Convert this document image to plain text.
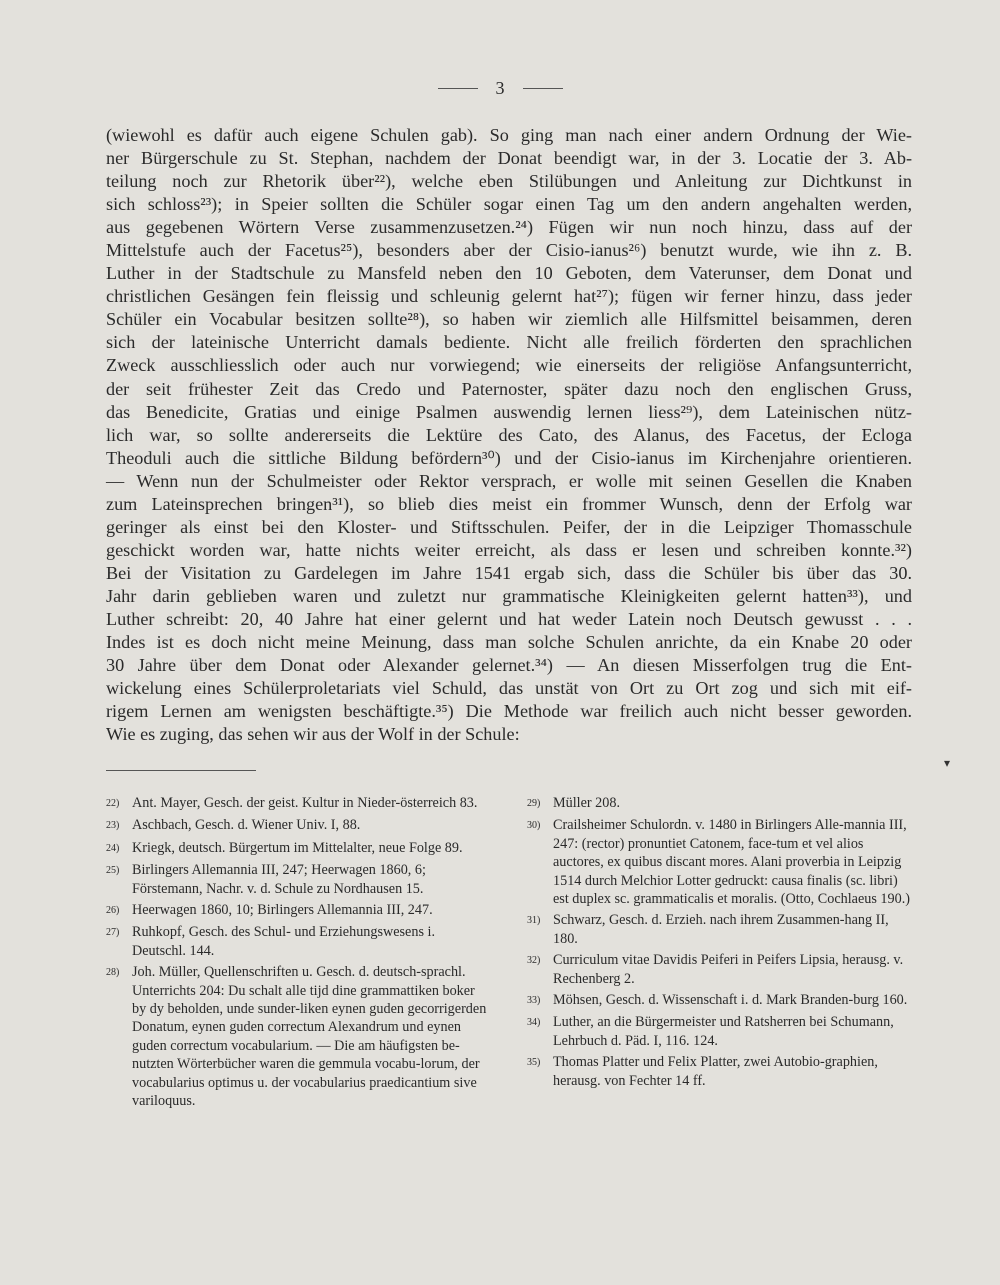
3
(wiewohl es dafür auch eigene Schulen gab). So ging man nach einer andern Ordnung der Wie-
ner Bürgerschule zu St. Stephan, nachdem der Donat beendigt war, in der 3. Locatie der 3. Ab-
teilung noch zur Rhetorik über²²), welche eben Stilübungen und Anleitung zur Dichtkunst in
sich schloss²³); in Speier sollten die Schüler sogar einen Tag um den andern angehalten werden,
aus gegebenen Wörtern Verse zusammenzusetzen.²⁴) Fügen wir nun noch hinzu, dass auf der
Mittelstufe auch der Facetus²⁵), besonders aber der Cisio-ianus²⁶) benutzt wurde, wie ihn z. B.
Luther in der Stadtschule zu Mansfeld neben den 10 Geboten, dem Vaterunser, dem Donat und
christlichen Gesängen fein fleissig und schleunig gelernt hat²⁷); fügen wir ferner hinzu, dass jeder
Schüler ein Vocabular besitzen sollte²⁸), so haben wir ziemlich alle Hilfsmittel beisammen, deren
sich der lateinische Unterricht damals bediente. Nicht alle freilich förderten den sprachlichen
Zweck ausschliesslich oder auch nur vorwiegend; wie einerseits der religiöse Anfangsunterricht,
der seit frühester Zeit das Credo und Paternoster, später dazu noch den englischen Gruss,
das Benedicite, Gratias und einige Psalmen auswendig lernen liess²⁹), dem Lateinischen nütz-
lich war, so sollte andererseits die Lektüre des Cato, des Alanus, des Facetus, der Ecloga
Theoduli auch die sittliche Bildung befördern³⁰) und der Cisio-ianus im Kirchenjahre orientieren.
— Wenn nun der Schulmeister oder Rektor versprach, er wolle mit seinen Gesellen die Knaben
zum Lateinsprechen bringen³¹), so blieb dies meist ein frommer Wunsch, denn der Erfolg war
geringer als einst bei den Kloster- und Stiftsschulen. Peifer, der in die Leipziger Thomasschule
geschickt worden war, hatte nichts weiter erreicht, als dass er lesen und schreiben konnte.³²)
Bei der Visitation zu Gardelegen im Jahre 1541 ergab sich, dass die Schüler bis über das 30.
Jahr darin geblieben waren und zuletzt nur grammatische Kleinigkeiten gelernt hatten³³), und
Luther schreibt: 20, 40 Jahre hat einer gelernt und hat weder Latein noch Deutsch gewusst . . .
Indes ist es doch nicht meine Meinung, dass man solche Schulen anrichte, da ein Knabe 20 oder
30 Jahre über dem Donat oder Alexander gelernet.³⁴) — An diesen Misserfolgen trug die Ent-
wickelung eines Schülerproletariats viel Schuld, das unstät von Ort zu Ort zog und sich mit eif-
rigem Lernen am wenigsten beschäftigte.³⁵) Die Methode war freilich auch nicht besser geworden.
Wie es zuging, das sehen wir aus der Wolf in der Schule:
▾
22) Ant. Mayer, Gesch. der geist. Kultur in Nieder-österreich 83.
23) Aschbach, Gesch. d. Wiener Univ. I, 88.
24) Kriegk, deutsch. Bürgertum im Mittelalter, neue Folge 89.
25) Birlingers Allemannia III, 247; Heerwagen 1860, 6; Förstemann, Nachr. v. d. Schule zu Nordhausen 15.
26) Heerwagen 1860, 10; Birlingers Allemannia III, 247.
27) Ruhkopf, Gesch. des Schul- und Erziehungswesens i. Deutschl. 144.
28) Joh. Müller, Quellenschriften u. Gesch. d. deutsch-sprachl. Unterrichts 204: Du schalt alle tijd dine grammattiken boker by dy beholden, unde sunder-liken eynen guden gecorrigerden Donatum, eynen guden correctum Alexandrum und eynen guden correctum vocabularium. — Die am häufigsten be-nutzten Wörterbücher waren die gemmula vocabu-lorum, der vocabularius optimus u. der vocabularius praedicantium sive variloquus.
29) Müller 208.
30) Crailsheimer Schulordn. v. 1480 in Birlingers Alle-mannia III, 247: (rector) pronuntiet Catonem, face-tum et vel alios auctores, ex quibus discant mores. Alani proverbia in Leipzig 1514 durch Melchior Lotter gedruckt: causa finalis (sc. libri) est duplex sc. grammaticalis et moralis. (Otto, Cochlaeus 190.)
31) Schwarz, Gesch. d. Erzieh. nach ihrem Zusammen-hang II, 180.
32) Curriculum vitae Davidis Peiferi in Peifers Lipsia, herausg. v. Rechenberg 2.
33) Möhsen, Gesch. d. Wissenschaft i. d. Mark Branden-burg 160.
34) Luther, an die Bürgermeister und Ratsherren bei Schumann, Lehrbuch d. Päd. I, 116. 124.
35) Thomas Platter und Felix Platter, zwei Autobio-graphien, herausg. von Fechter 14 ff.
